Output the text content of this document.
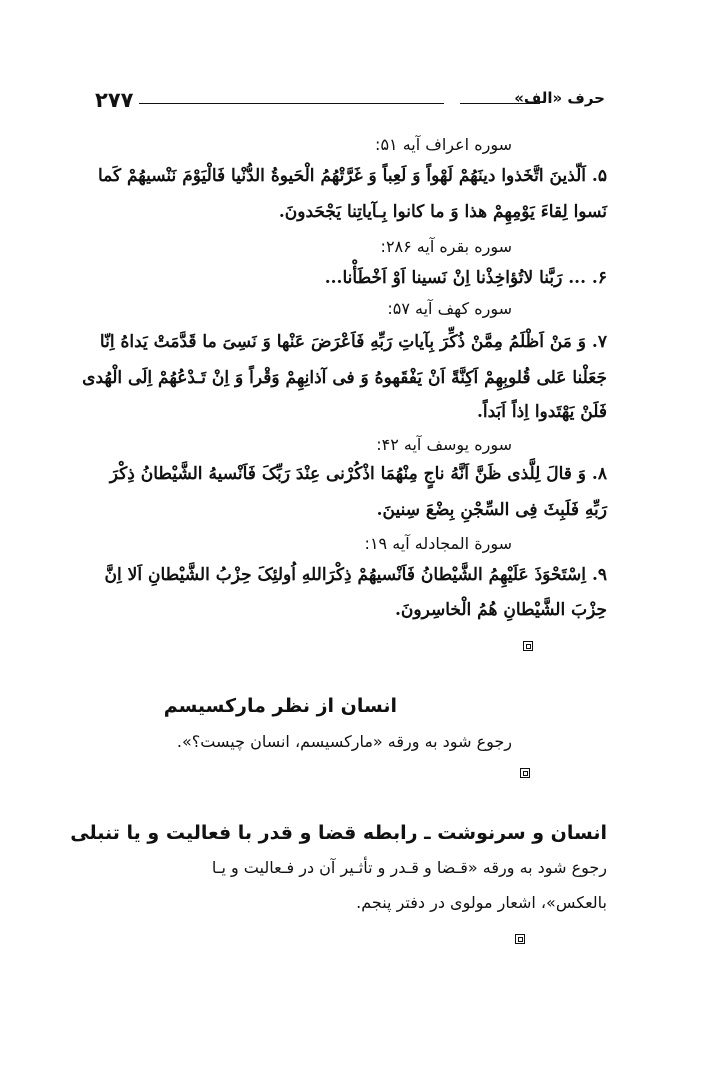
۲۷۷	حرف «الف»
سوره اعراف آیه ۵۱:
۵. اَلّذینَ اتَّخَذوا دینَهُمْ لَهْواً وَ لَعِباً وَ غَرَّتْهُمُ الْحَیوةُ الدُّنْیا فَالْیَوْمَ نَنْسیهُمْ کَما
نَسوا لِقاءَ یَوْمِهِمْ هذا وَ ما کانوا بِـآیاتِنا یَجْحَدونَ.
سوره بقره آیه ۲۸۶:
۶. ... رَبَّنا لاتُؤاخِذْنا اِنْ نَسینا اَوْ اَخْطَأْنا...
سوره کهف آیه ۵۷:
۷. وَ مَنْ اَظْلَمُ مِمَّنْ ذُکِّرَ بِآیاتِ رَبِّهِ فَاَعْرَضَ عَنْها وَ نَسِیَ ما قَدَّمَتْ یَداهُ اِنّا
جَعَلْنا عَلی قُلوبِهِمْ اَکِنَّةً اَنْ یَفْقَهوهُ وَ فی آذانِهِمْ وَقْراً وَ اِنْ تَـدْعُهُمْ اِلَی الْهُدی
فَلَنْ یَهْتَدوا اِذاً اَبَداً.
سوره یوسف آیه ۴۲:
۸. وَ قالَ لِلَّذی ظَنَّ اَنَّهُ ناجٍ مِنْهُمَا اذْکُرْنی عِنْدَ رَبِّکَ فَاَنْسیهُ الشَّیْطانُ ذِکْرَ
رَبِّهِ فَلَبِثَ فِی السِّجْنِ بِضْعَ سِنینَ.
سورة المجادله آیه ۱۹:
۹. اِسْتَحْوَذَ عَلَیْهِمُ الشَّیْطانُ فَاَنْسیهُمْ ذِکْرَاللهِ اُولئِکَ حِزْبُ الشَّیْطانِ اَلا اِنَّ
حِزْبَ الشَّیْطانِ هُمُ الْخاسِرونَ.
انسان از نظر مارکسیسم
رجوع شود به ورقه «مارکسیسم، انسان چیست؟».
انسان و سرنوشت ـ رابطه قضا و قدر با فعالیت و یا تنبلی
رجوع شود به ورقه «قـضا و قـدر و تأثـیر آن در فـعالیت و یـا
بالعکس»، اشعار مولوی در دفتر پنجم.
